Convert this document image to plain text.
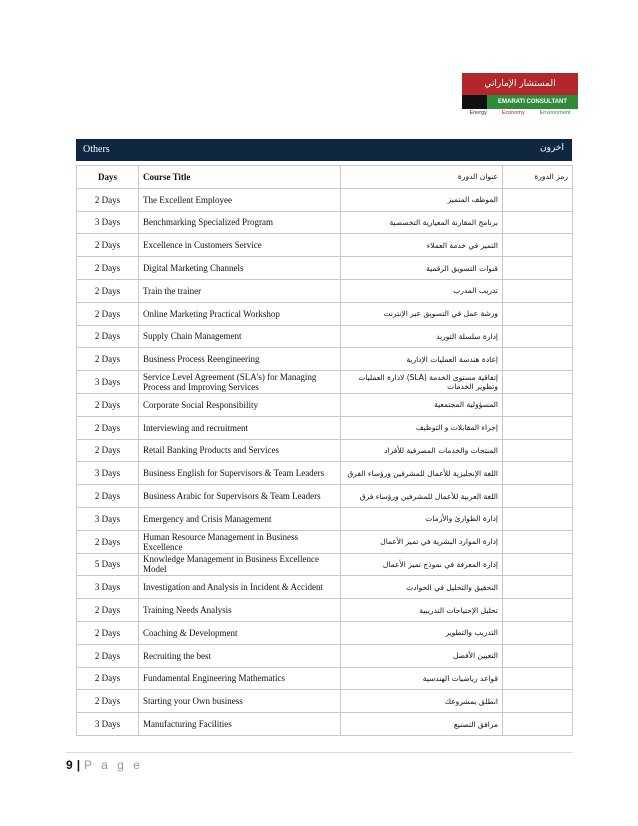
المستشار الإماراتي
EMARATI CONSULTANT
Energy	Economy	Environment
Others	اخرون
Days	Course Title	عنوان الدورة	رمز الدورة
2 Days	The Excellent Employee	الموظف المتميز	
3 Days	Benchmarking Specialized Program	برنامج المقارنة المعيارية التخصصية	
2 Days	Excellence in Customers Service	التميز في خدمة العملاء	
2 Days	Digital Marketing Channels	قنوات التسويق الرقمية	
2 Days	Train the trainer	تدريب المدرب	
2 Days	Online Marketing Practical Workshop	ورشة عمل في التسويق عبر الإنترنت	
2 Days	Supply Chain Management	إدارة سلسلة التوريد	
2 Days	Business Process Reengineering	إعادة هندسة العمليات الإدارية	
3 Days	Service Level Agreement (SLA's) for Managing Process and Improving Services	إتفاقية مستوى الخدمة (SLA) لادارة العمليات وتطوير الخدمات	
2 Days	Corporate Social Responsibility	المسؤولية المجتمعية	
2 Days	Interviewing and recruitment	إجراء المقابلات و التوظيف	
2 Days	Retail Banking Products and Services	المنتجات والخدمات المصرفية للأفراد	
3 Days	Business English for Supervisors & Team Leaders	اللغة الإنجليزية للأعمال للمشرفين ورؤساء الفرق	
2 Days	Business Arabic for Supervisors & Team Leaders	اللغة العربية للأعمال للمشرفين ورؤساء فرق	
3 Days	Emergency and Crisis Management	إدارة الطوارئ والأزمات	
2 Days	Human Resource Management in Business Excellence	إدارة الموارد البشرية في تميز الأعمال	
5 Days	Knowledge Management in Business Excellence Model	إدارة المعرفة في نموذج تميز الأعمال	
3 Days	Investigation and Analysis in Incident & Accident	التحقيق والتحليل في الحوادث	
2 Days	Training Needs Analysis	تحليل الإحتياجات التدريبية	
2 Days	Coaching & Development	التدريب والتطوير	
2 Days	Recruiting the best	التعيين الأفضل	
2 Days	Fundamental Engineering Mathematics	قواعد رياضيات الهندسية	
2 Days	Starting your Own business	انطلق بمشروعك	
3 Days	Manufacturing Facilities	مرافق التصنيع	
9 | P a g e
